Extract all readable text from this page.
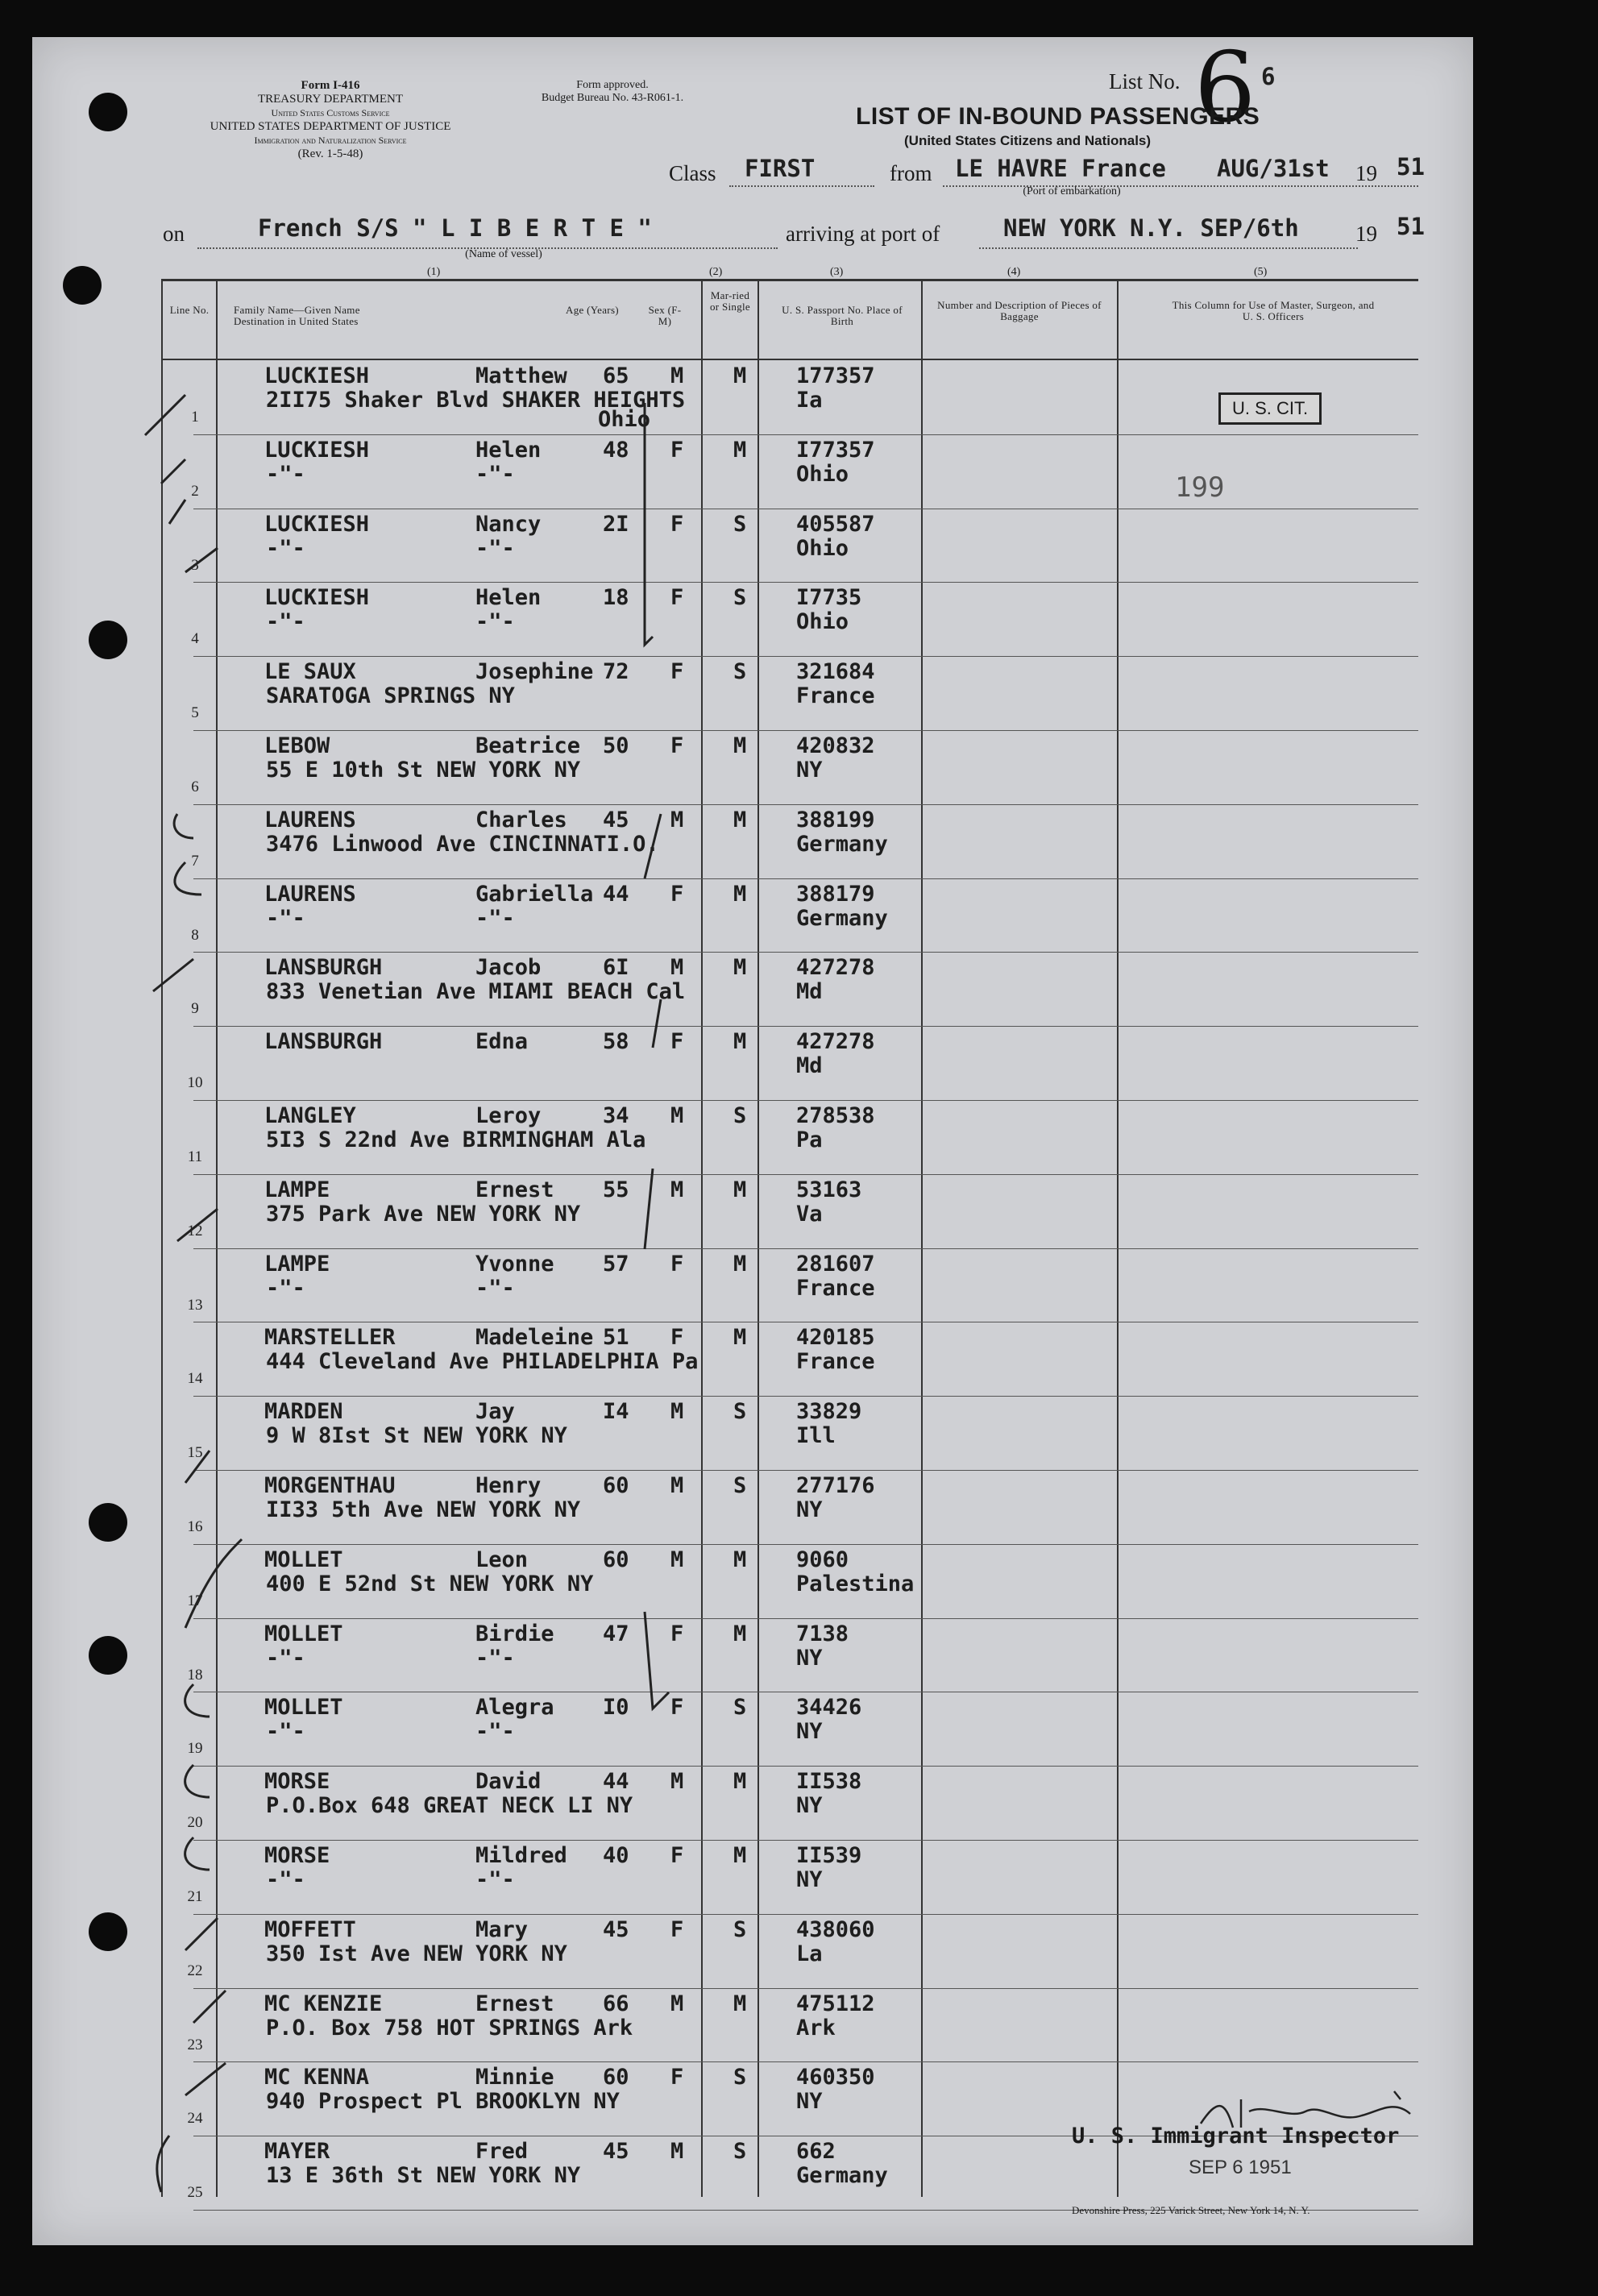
Form I-416
TREASURY DEPARTMENT
United States Customs Service
UNITED STATES DEPARTMENT OF JUSTICE
Immigration and Naturalization Service
(Rev. 1-5-48)
Form approved.
Budget Bureau No. 43-R061-1.
List No.	6
6
LIST OF IN-BOUND PASSENGERS
(United States Citizens and Nationals)
Class FIRST	from LE HAVRE France AUG/31st
(Port of embarkation)
19 51
on	French S/S " L I B E R T E "
(Name of vessel)
arriving at port of	NEW YORK N.Y. SEP/6th	19 51
(1)	(2)	(3)	(4)	(5)
Line No. Family Name—Given Name
Destination in United States
Age (Years)	Sex (F-M)
Mar-ried or Single	U. S. Passport No. Place of Birth
Number and Description of Pieces of Baggage
This Column for Use of Master, Surgeon, and U. S. Officers
1
LUCKIESH	Matthew 65 M M
2II75 Shaker Blvd SHAKER HEIGHTS
Ohio
177357
Ia
2
LUCKIESH	Helen	48 F M
-"-	-"-
I77357
Ohio
3
LUCKIESH	Nancy	2I F S
-"-	-"-
405587
Ohio
4
LUCKIESH	Helen	18 F S
-"-	-"-
I7735
Ohio
5
LE SAUX	Josephine 72 F S
SARATOGA SPRINGS NY
321684
France
6
LEBOW	Beatrice 50 F M
55 E 10th St NEW YORK NY
420832
NY
7
LAURENS	Charles 45 M M
3476 Linwood Ave CINCINNATI.O.
388199
Germany
8
LAURENS	Gabriella 44 F M
-"-	-"-
388179
Germany
9
LANSBURGH	Jacob	6I M M
833 Venetian Ave MIAMI BEACH Cal
427278
Md
10
LANSBURGH	Edna	58 F M 427278
Md
11
LANGLEY	Leroy	34 M S
5I3 S 22nd Ave BIRMINGHAM Ala
278538
Pa
12
LAMPE	Ernest 55 M M
375 Park Ave NEW YORK NY
53163
Va
13
LAMPE	Yvonne 57 F M
-"-	-"-
281607
France
14
MARSTELLER	Madeleine 51 F M
444 Cleveland Ave PHILADELPHIA Pa
420185
France
15
MARDEN	Jay	I4 M S
9 W 8Ist St NEW YORK NY
33829
Ill
16
MORGENTHAU	Henry	60 M S
II33 5th Ave NEW YORK NY
277176
NY
17
MOLLET	Leon	60 M M
400 E 52nd St NEW YORK NY
9060
Palestina
18
MOLLET	Birdie 47 F M
-"-	-"-
7138
NY
19
MOLLET	Alegra I0 F S
-"-	-"-
34426
NY
20
MORSE	David	44 M M
P.O.Box 648 GREAT NECK LI NY
II538
NY
21
MORSE	Mildred 40 F M
-"-	-"-
II539
NY
22
MOFFETT	Mary	45 F S
350 Ist Ave NEW YORK NY
438060
La
23
MC KENZIE	Ernest 66 M M
P.O. Box 758 HOT SPRINGS Ark
475112
Ark
24
MC KENNA	Minnie 60 F S
940 Prospect Pl BROOKLYN NY
460350
NY
25
MAYER	Fred	45 M S
13 E 36th St NEW YORK NY
662
Germany
U. S. CIT.
199
U. S. Immigrant Inspector
SEP 6 1951
Devonshire Press, 225 Varick Street, New York 14, N. Y.
